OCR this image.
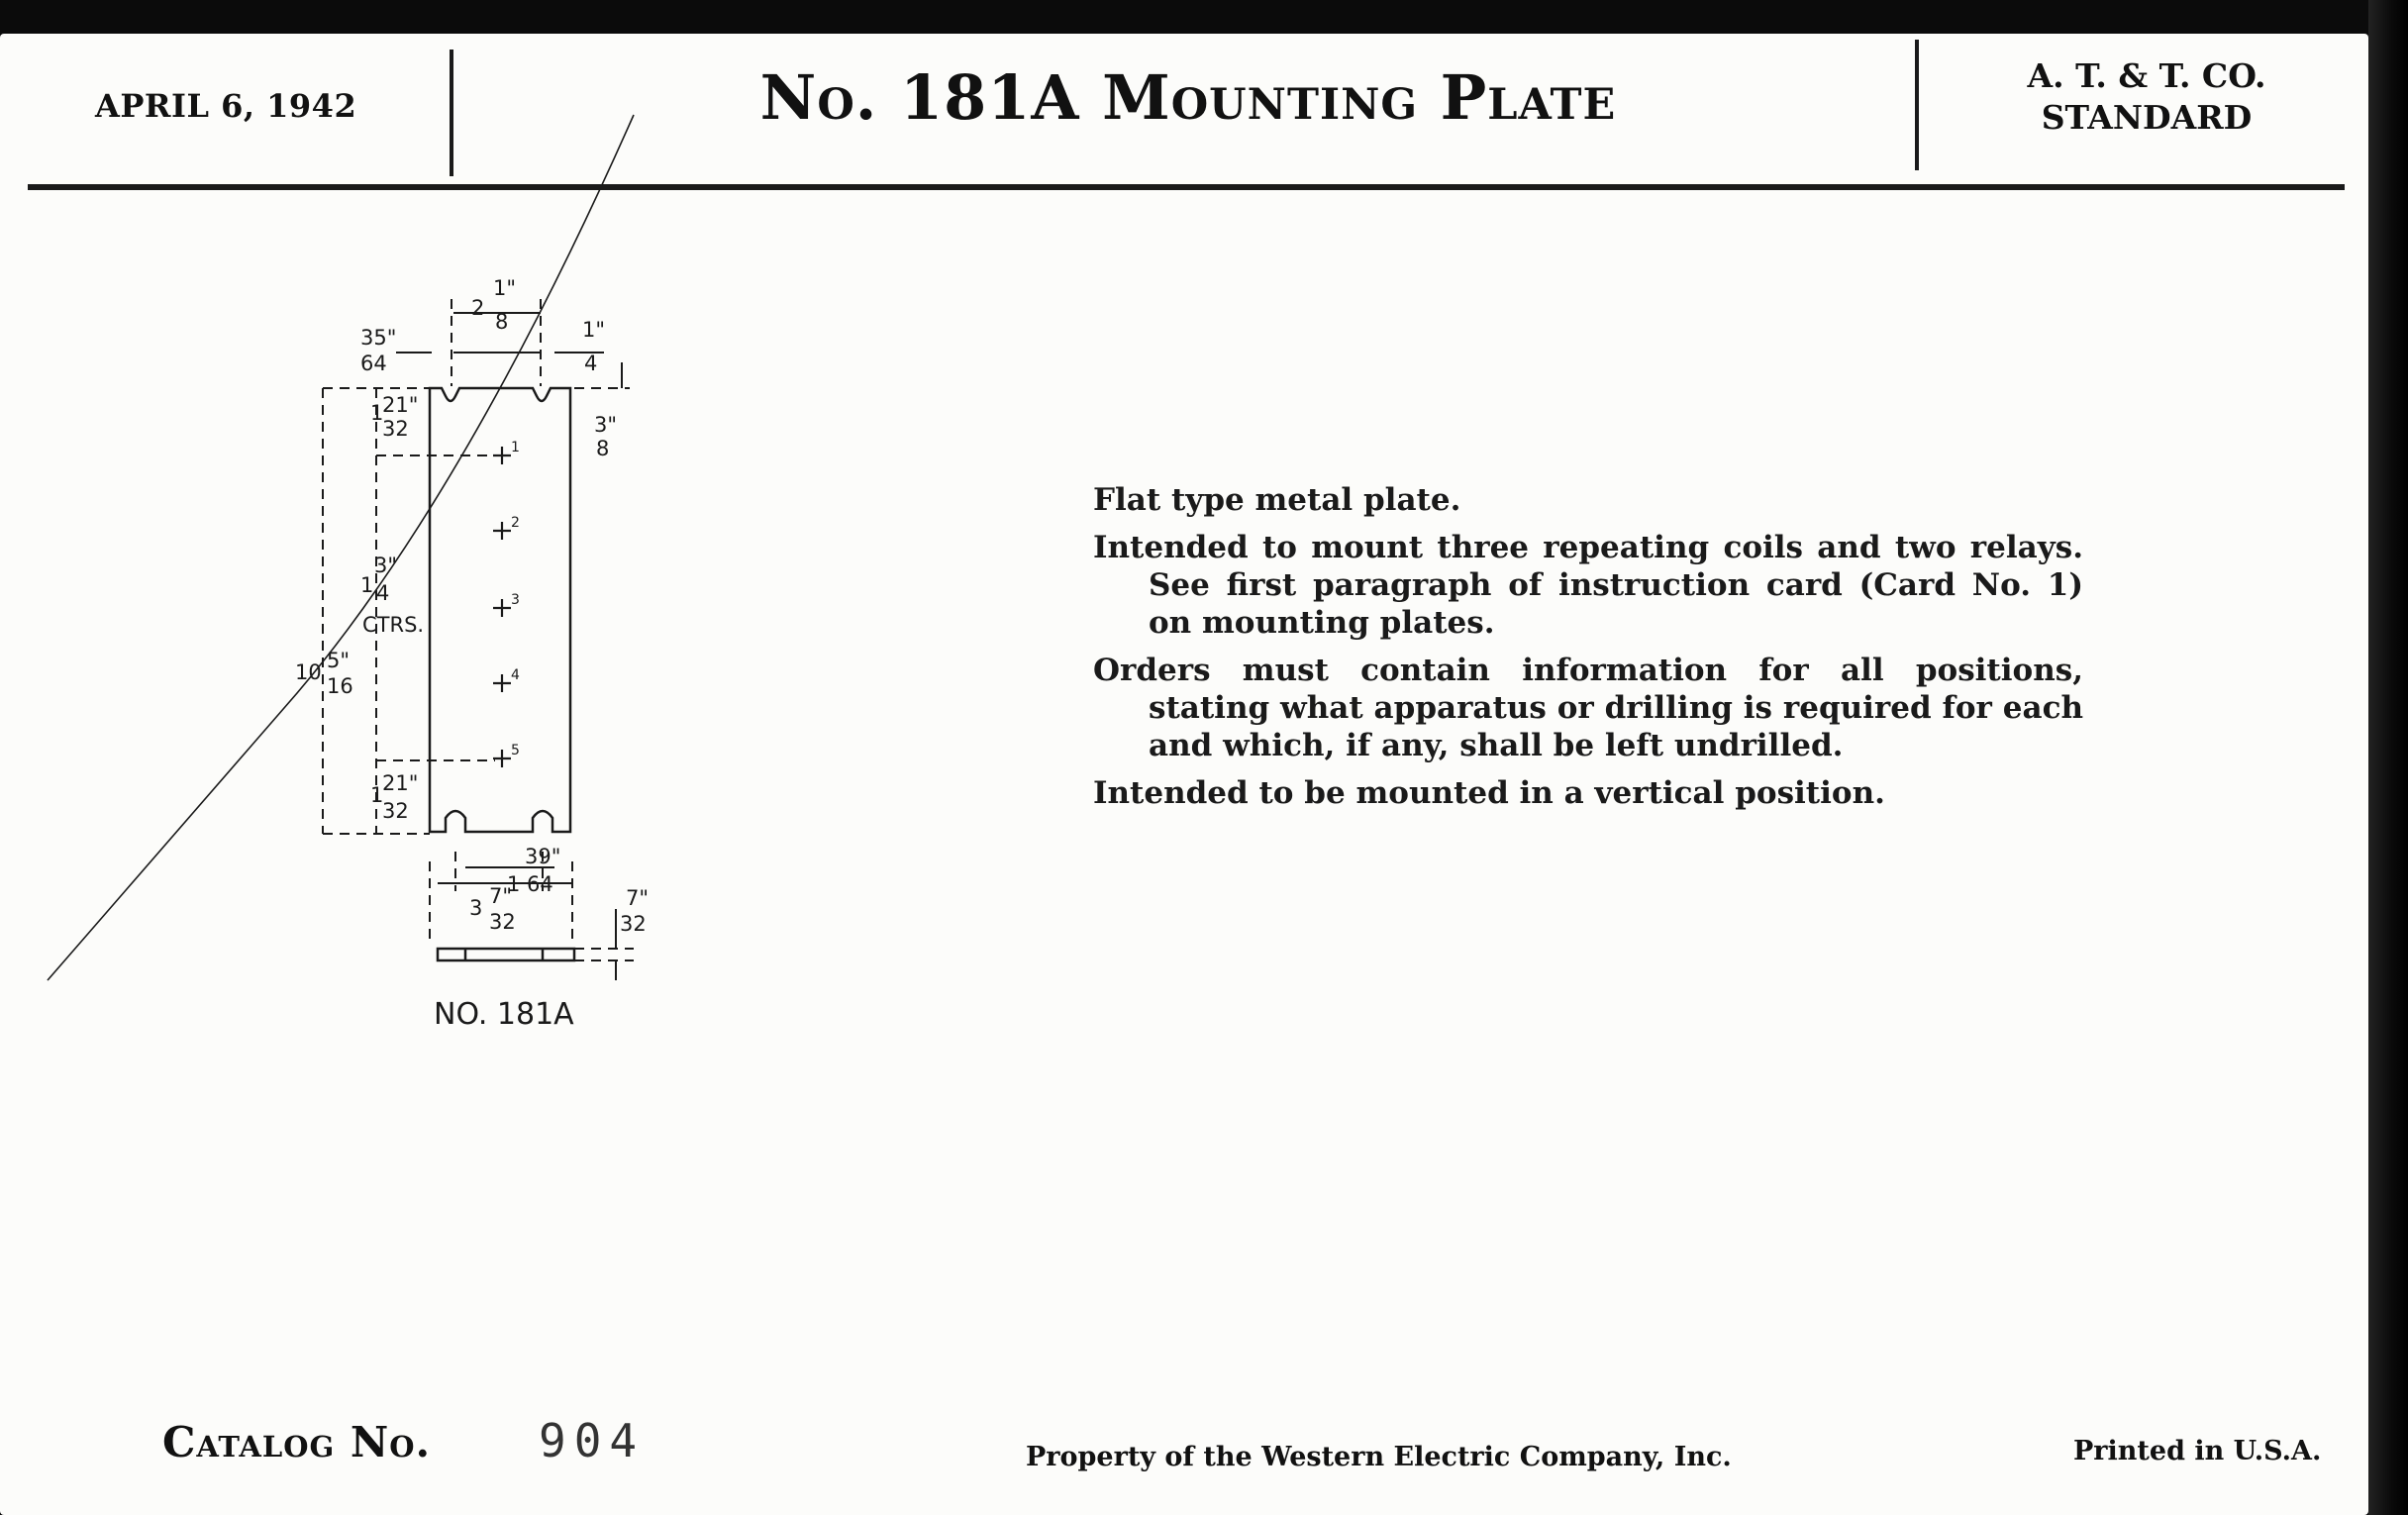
APRIL 6, 1942	No. 181A Mounting Plate	A. T. & T. CO.
STANDARD
1
2
3
4
5
2
1"
8
35"
64
1"
4
1
21"
32	3"
8
1
3"
4
CTRS.
10 5"
16
1
21"
32
1
39"
64
3 7"
32
7"
32
NO. 181A

Flat type metal plate.

Intended to mount three repeating coils and two relays. See first paragraph of instruction card (Card No. 1) on mounting plates.

Orders must contain information for all positions, stating what apparatus or drilling is required for each and which, if any, shall be left undrilled.

Intended to be mounted in a vertical position.

Catalog No. 904	Property of the Western Electric Company, Inc.	Printed in U.S.A.
